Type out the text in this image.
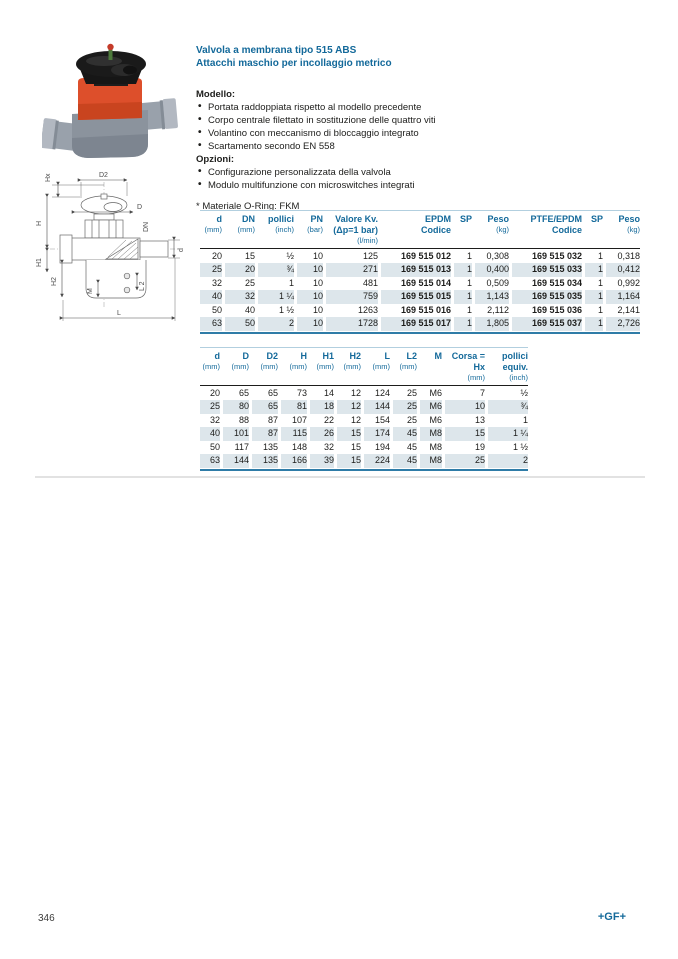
Hx	D2
D
H
H1
H2
DN
d
M
L 2
L
Valvola a membrana tipo 515 ABS
Attacchi maschio per incollaggio metrico

Modello:

• Portata raddoppiata rispetto al modello precedente
• Corpo centrale filettato in sostituzione delle quattro viti
• Volantino con meccanismo di bloccaggio integrato
• Scartamento secondo EN 558

Opzioni:

• Configurazione personalizzata della valvola
• Modulo multifunzione con microswitches integrati
* Materiale O-Ring: FKM
d
(mm)
DN
(mm)
pollici
(inch)
PN
(bar)
Valore Kv.
(Δp=1 bar)
(l/min)
EPDM
Codice
SP	Peso
(kg)
PTFE/EPDM
Codice
SP	Peso
(kg)
20	15	½	10	125	169 515 012	1	0,308	169 515 032	1	0,318
25	20	¾	10	271	169 515 013	1	0,400	169 515 033	1	0,412
32	25	1	10	481	169 515 014	1	0,509	169 515 034	1	0,992
40	32	1 ¼	10	759	169 515 015	1	1,143	169 515 035	1	1,164
50	40	1 ½	10	1263	169 515 016	1	2,112	169 515 036	1	2,141
63	50	2	10	1728	169 515 017	1	1,805	169 515 037	1	2,726
d
(mm)
D
(mm)
D2
(mm)
H
(mm)
H1
(mm)
H2
(mm)
L
(mm)
L2
(mm)
M	Corsa =
Hx
(mm)
pollici
equiv.
(inch)
20	65	65	73	14	12	124	25	M6	7	½
25	80	65	81	18	12	144	25	M6	10	¾
32	88	87	107	22	12	154	25	M6	13	1
40	101	87	115	26	15	174	45	M8	15	1 ¼
50	117	135	148	32	15	194	45	M8	19	1 ½
63	144	135	166	39	15	224	45	M8	25	2
346	+GF+
